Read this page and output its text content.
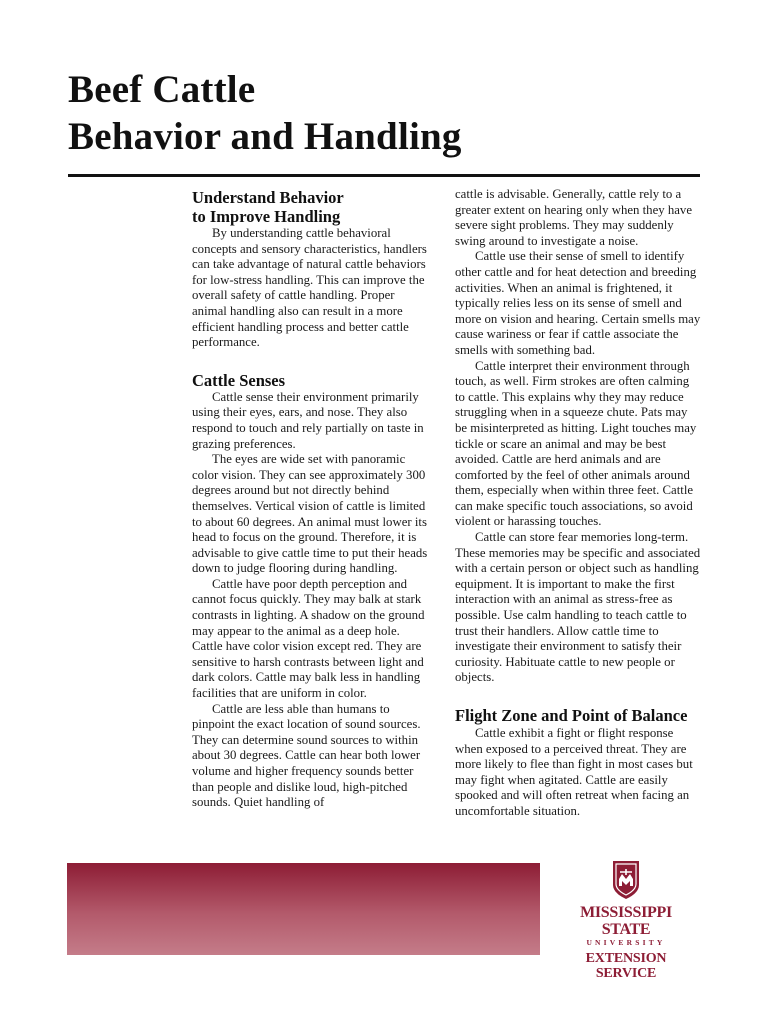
Beef Cattle
Behavior and Handling
Understand Behavior
to Improve Handling

By understanding cattle behavioral concepts and sensory characteristics, handlers can take advantage of natural cattle behaviors for low-stress handling. This can improve the overall safety of cattle handling. Proper animal handling also can result in a more efficient handling process and better cattle performance.

Cattle Senses

Cattle sense their environment primarily using their eyes, ears, and nose. They also respond to touch and rely partially on taste in grazing preferences.

The eyes are wide set with panoramic color vision. They can see approximately 300 degrees around but not directly behind themselves. Vertical vision of cattle is limited to about 60 degrees. An animal must lower its head to focus on the ground. Therefore, it is advisable to give cattle time to put their heads down to judge flooring during handling.

Cattle have poor depth perception and cannot focus quickly. They may balk at stark contrasts in lighting. A shadow on the ground may appear to the animal as a deep hole. Cattle have color vision except red. They are sensitive to harsh contrasts between light and dark colors. Cattle may balk less in handling facilities that are uniform in color.

Cattle are less able than humans to pinpoint the exact location of sound sources. They can determine sound sources to within about 30 degrees. Cattle can hear both lower volume and higher frequency sounds better than people and dislike loud, high-pitched sounds. Quiet handling of

cattle is advisable. Generally, cattle rely to a greater extent on hearing only when they have severe sight problems. They may suddenly swing around to investigate a noise.

Cattle use their sense of smell to identify other cattle and for heat detection and breeding activities. When an animal is frightened, it typically relies less on its sense of smell and more on vision and hearing. Certain smells may cause wariness or fear if cattle associate the smells with something bad.

Cattle interpret their environment through touch, as well. Firm strokes are often calming to cattle. This explains why they may reduce struggling when in a squeeze chute. Pats may be misinterpreted as hitting. Light touches may tickle or scare an animal and may be best avoided. Cattle are herd animals and are comforted by the feel of other animals around them, especially when within three feet. Cattle can make specific touch associations, so avoid violent or harassing touches.

Cattle can store fear memories long-term. These memories may be specific and associated with a certain person or object such as handling equipment. It is important to make the first interaction with an animal as stress-free as possible. Use calm handling to teach cattle to trust their handlers. Allow cattle time to investigate their environment to satisfy their curiosity. Habituate cattle to new people or objects.

Flight Zone and Point of Balance

Cattle exhibit a fight or flight response when exposed to a perceived threat. They are more likely to flee than fight in most cases but may fight when agitated. Cattle are easily spooked and will often retreat when facing an uncomfortable situation.

MISSISSIPPI STATE
UNIVERSITY
EXTENSION SERVICE
